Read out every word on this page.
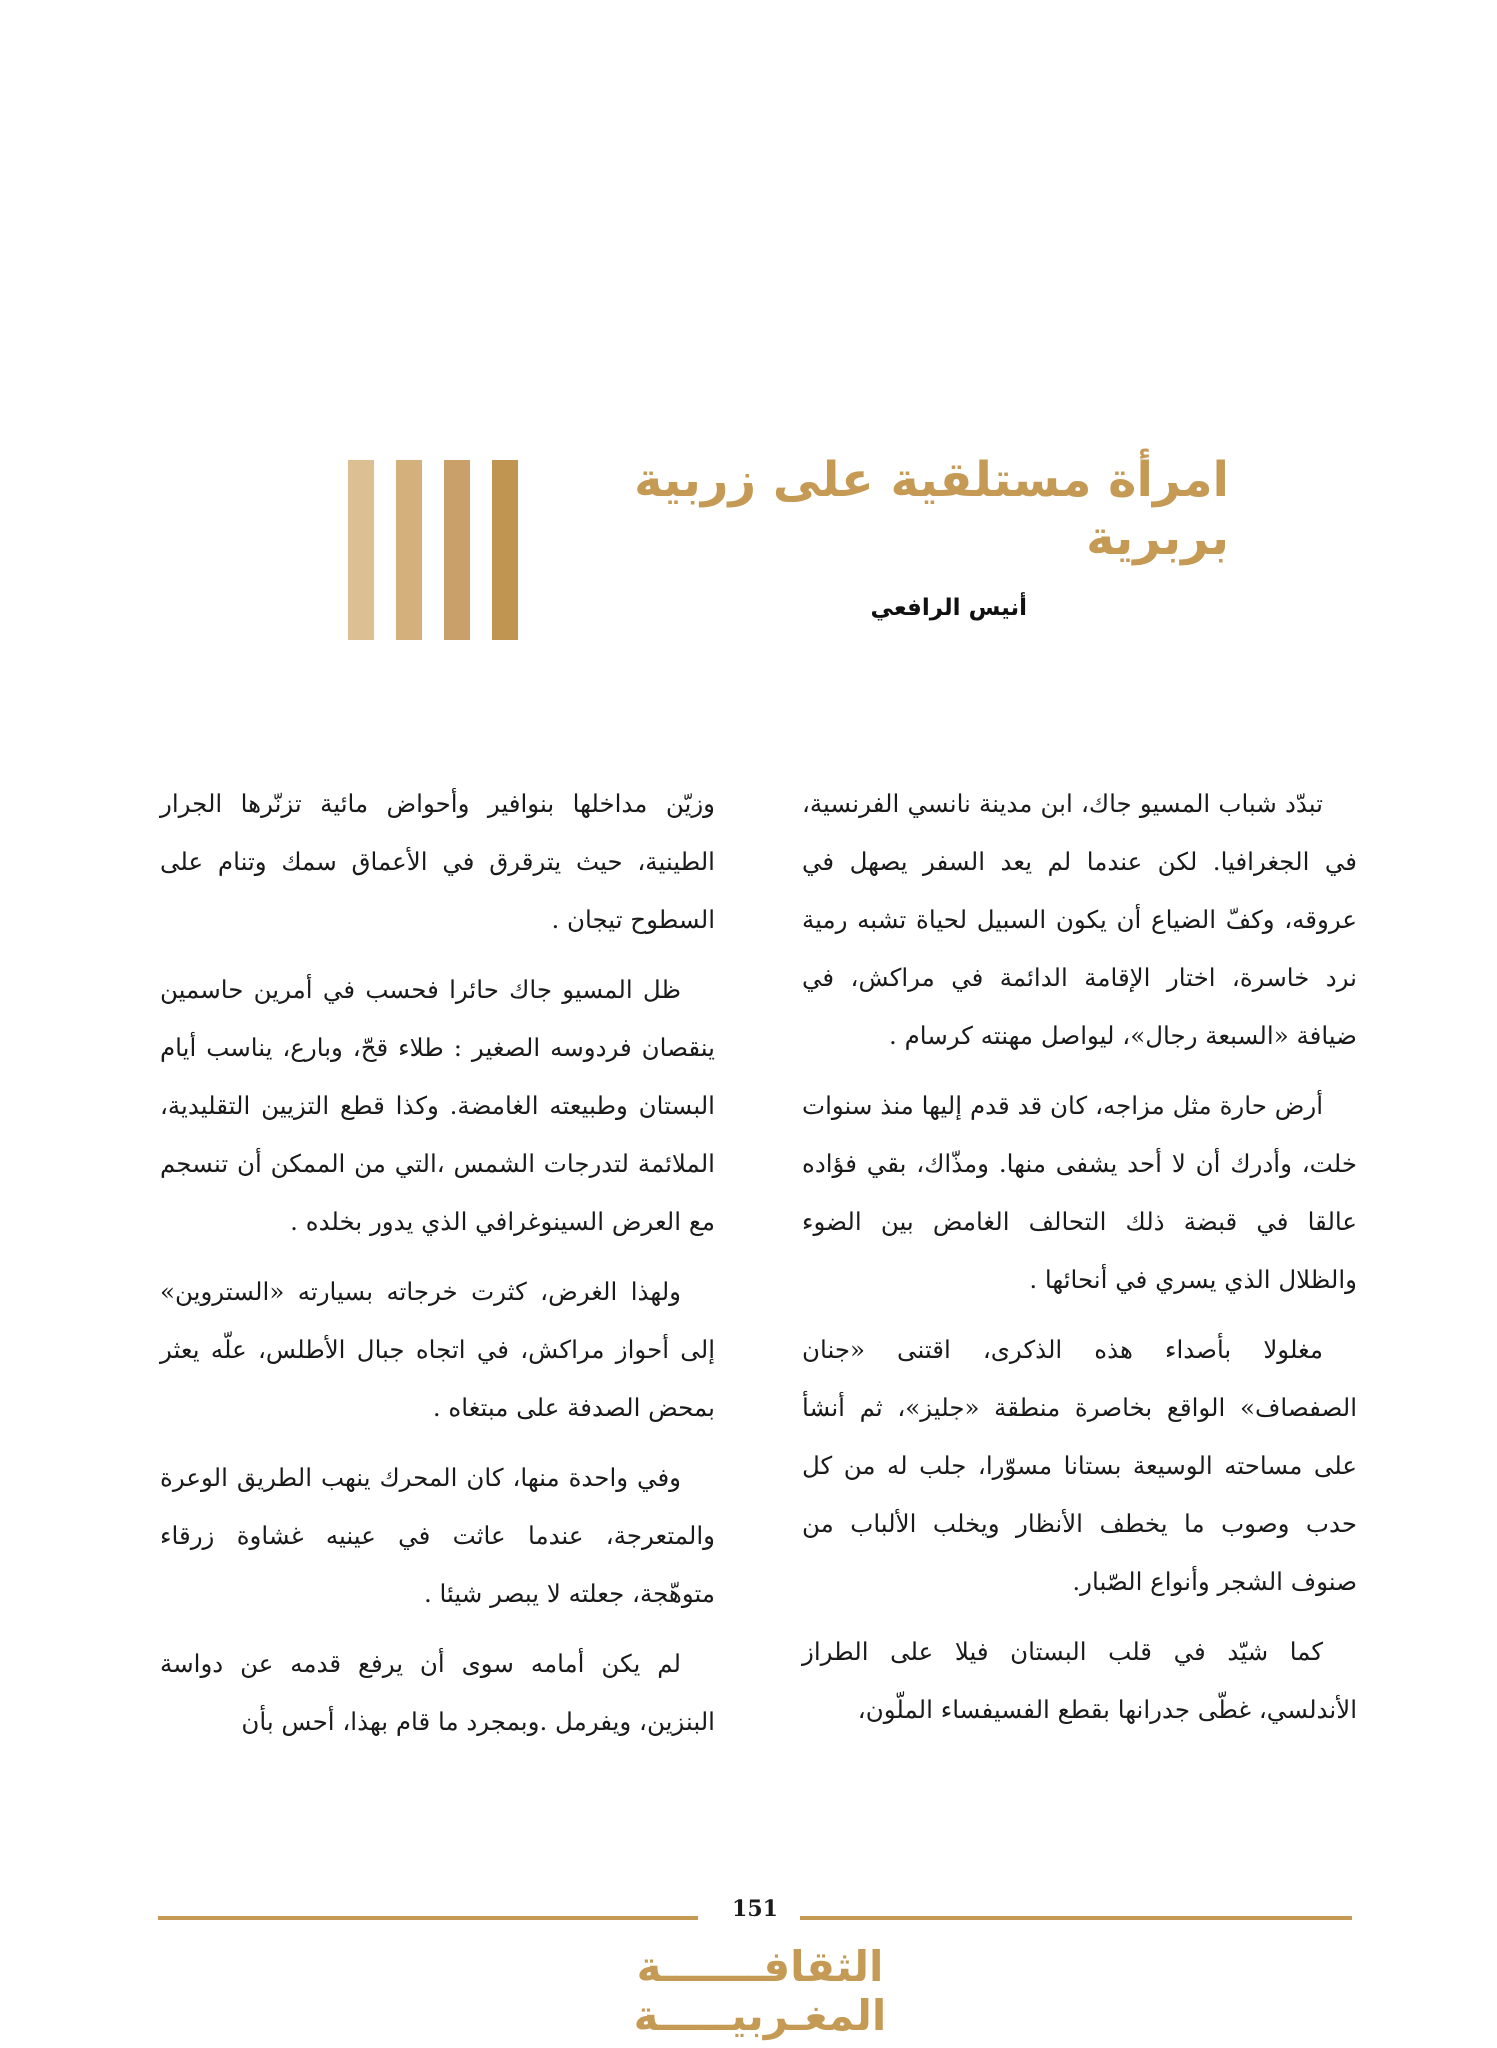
امرأة مستلقية على زربية بربرية
أنيس الرافعي

تبدّد شباب المسيو جاك، ابن مدينة نانسي الفرنسية، في الجغرافيا. لكن عندما لم يعد السفر يصهل في عروقه، وكفّ الضياع أن يكون السبيل لحياة تشبه رمية نرد خاسرة، اختار الإقامة الدائمة في مراكش، في ضيافة «السبعة رجال»، ليواصل مهنته كرسام .

أرض حارة مثل مزاجه، كان قد قدم إليها منذ سنوات خلت، وأدرك أن لا أحد يشفى منها. ومذّاك، بقي فؤاده عالقا في قبضة ذلك التحالف الغامض بين الضوء والظلال الذي يسري في أنحائها .

مغلولا بأصداء هذه الذكرى، اقتنى «جنان الصفصاف» الواقع بخاصرة منطقة «جليز»، ثم أنشأ على مساحته الوسيعة بستانا مسوّرا، جلب له من كل حدب وصوب ما يخطف الأنظار ويخلب الألباب من صنوف الشجر وأنواع الصّبار.

كما شيّد في قلب البستان فيلا على الطراز الأندلسي، غطّى جدرانها بقطع الفسيفساء الملّون،

وزيّن مداخلها بنوافير وأحواض مائية تزنّرها الجرار الطينية، حيث يترقرق في الأعماق سمك وتنام على السطوح تيجان .

ظل المسيو جاك حائرا فحسب في أمرين حاسمين ينقصان فردوسه الصغير : طلاء قحّ، وبارع، يناسب أيام البستان وطبيعته الغامضة. وكذا قطع التزيين التقليدية، الملائمة لتدرجات الشمس ،التي من الممكن أن تنسجم مع العرض السينوغرافي الذي يدور بخلده .

ولهذا الغرض، كثرت خرجاته بسيارته «الستروين» إلى أحواز مراكش، في اتجاه جبال الأطلس، علّه يعثر بمحض الصدفة على مبتغاه .

وفي واحدة منها، كان المحرك ينهب الطريق الوعرة والمتعرجة، عندما عاثت في عينيه غشاوة زرقاء متوهّجة، جعلته لا يبصر شيئا .

لم يكن أمامه سوى أن يرفع قدمه عن دواسة البنزين، ويفرمل .وبمجرد ما قام بهذا، أحس بأن

151
الثقافـــــــة المغـربيـــــة
